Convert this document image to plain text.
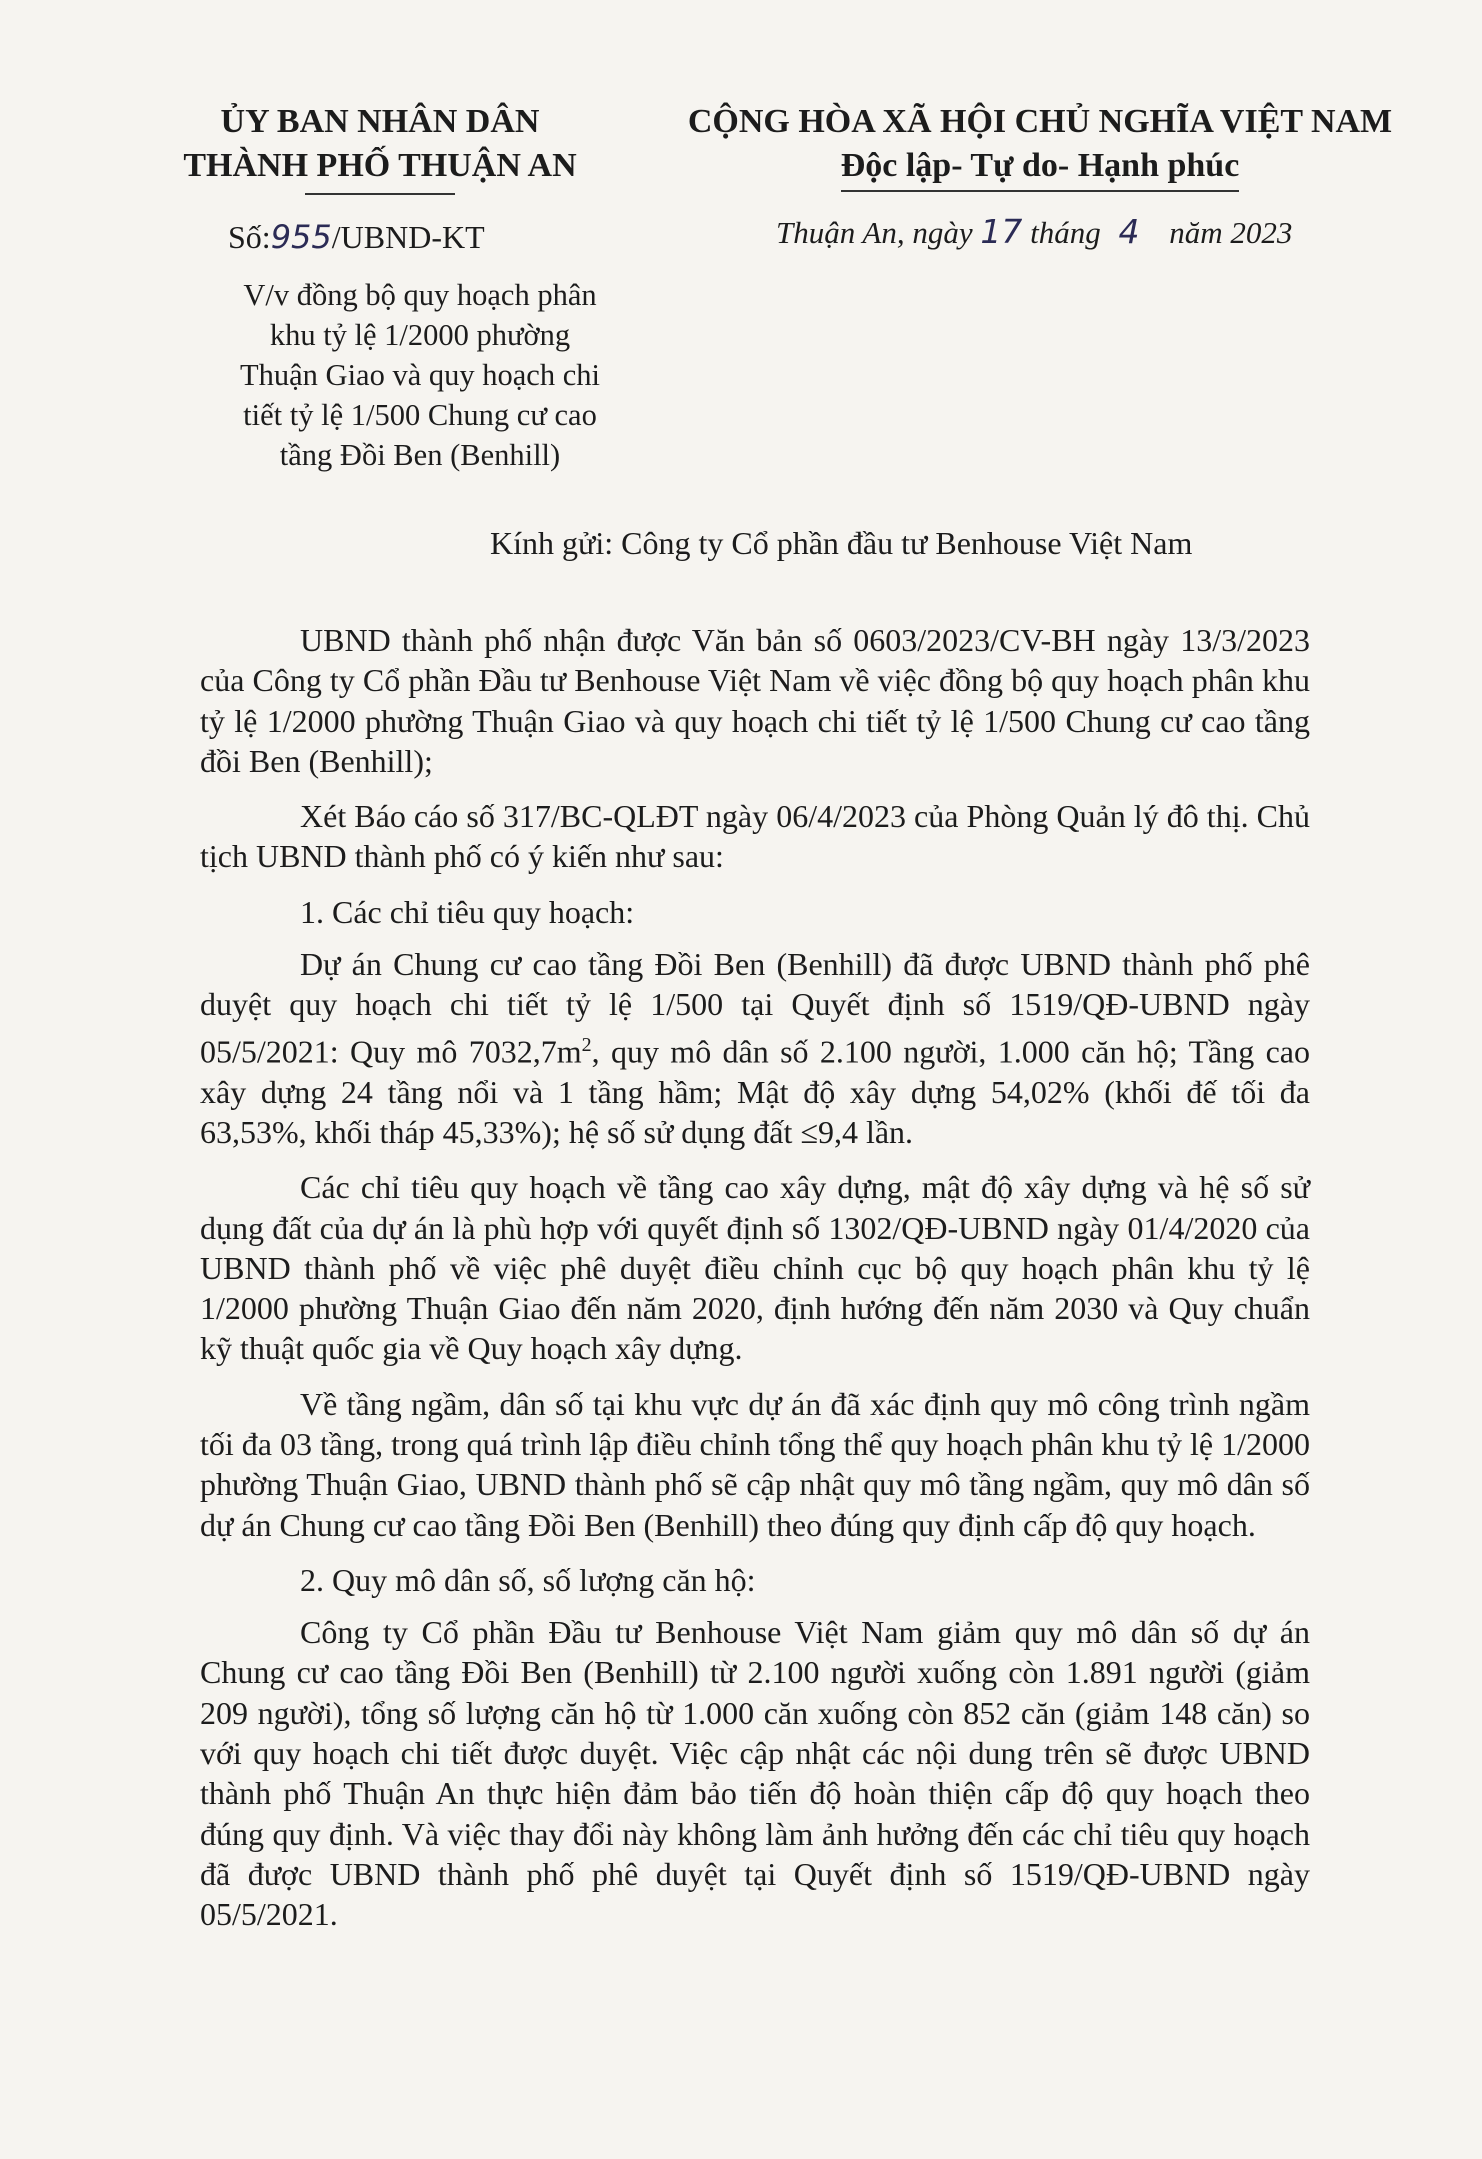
ỦY BAN NHÂN DÂN
THÀNH PHỐ THUẬN AN
CỘNG HÒA XÃ HỘI CHỦ NGHĨA VIỆT NAM
Độc lập- Tự do- Hạnh phúc
Số:955/UBND-KT	Thuận An, ngày 17 tháng 4 năm 2023
V/v đồng bộ quy hoạch phân
khu tỷ lệ 1/2000 phường
Thuận Giao và quy hoạch chi
tiết tỷ lệ 1/500 Chung cư cao
tầng Đồi Ben (Benhill)
Kính gửi: Công ty Cổ phần đầu tư Benhouse Việt Nam

UBND thành phố nhận được Văn bản số 0603/2023/CV-BH ngày 13/3/2023 của Công ty Cổ phần Đầu tư Benhouse Việt Nam về việc đồng bộ quy hoạch phân khu tỷ lệ 1/2000 phường Thuận Giao và quy hoạch chi tiết tỷ lệ 1/500 Chung cư cao tầng đồi Ben (Benhill);

Xét Báo cáo số 317/BC-QLĐT ngày 06/4/2023 của Phòng Quản lý đô thị. Chủ tịch UBND thành phố có ý kiến như sau:

1. Các chỉ tiêu quy hoạch:

Dự án Chung cư cao tầng Đồi Ben (Benhill) đã được UBND thành phố phê duyệt quy hoạch chi tiết tỷ lệ 1/500 tại Quyết định số 1519/QĐ-UBND ngày 05/5/2021: Quy mô $7032,7m^2$, quy mô dân số 2.100 người, 1.000 căn hộ; Tầng cao xây dựng 24 tầng nổi và 1 tầng hầm; Mật độ xây dựng 54,02% (khối đế tối đa 63,53%, khối tháp 45,33%); hệ số sử dụng đất ≤9,4 lần.

Các chỉ tiêu quy hoạch về tầng cao xây dựng, mật độ xây dựng và hệ số sử dụng đất của dự án là phù hợp với quyết định số 1302/QĐ-UBND ngày 01/4/2020 của UBND thành phố về việc phê duyệt điều chỉnh cục bộ quy hoạch phân khu tỷ lệ 1/2000 phường Thuận Giao đến năm 2020, định hướng đến năm 2030 và Quy chuẩn kỹ thuật quốc gia về Quy hoạch xây dựng.

Về tầng ngầm, dân số tại khu vực dự án đã xác định quy mô công trình ngầm tối đa 03 tầng, trong quá trình lập điều chỉnh tổng thể quy hoạch phân khu tỷ lệ 1/2000 phường Thuận Giao, UBND thành phố sẽ cập nhật quy mô tầng ngầm, quy mô dân số dự án Chung cư cao tầng Đồi Ben (Benhill) theo đúng quy định cấp độ quy hoạch.

2. Quy mô dân số, số lượng căn hộ:

Công ty Cổ phần Đầu tư Benhouse Việt Nam giảm quy mô dân số dự án Chung cư cao tầng Đồi Ben (Benhill) từ 2.100 người xuống còn 1.891 người (giảm 209 người), tổng số lượng căn hộ từ 1.000 căn xuống còn 852 căn (giảm 148 căn) so với quy hoạch chi tiết được duyệt. Việc cập nhật các nội dung trên sẽ được UBND thành phố Thuận An thực hiện đảm bảo tiến độ hoàn thiện cấp độ quy hoạch theo đúng quy định. Và việc thay đổi này không làm ảnh hưởng đến các chỉ tiêu quy hoạch đã được UBND thành phố phê duyệt tại Quyết định số 1519/QĐ-UBND ngày 05/5/2021.
